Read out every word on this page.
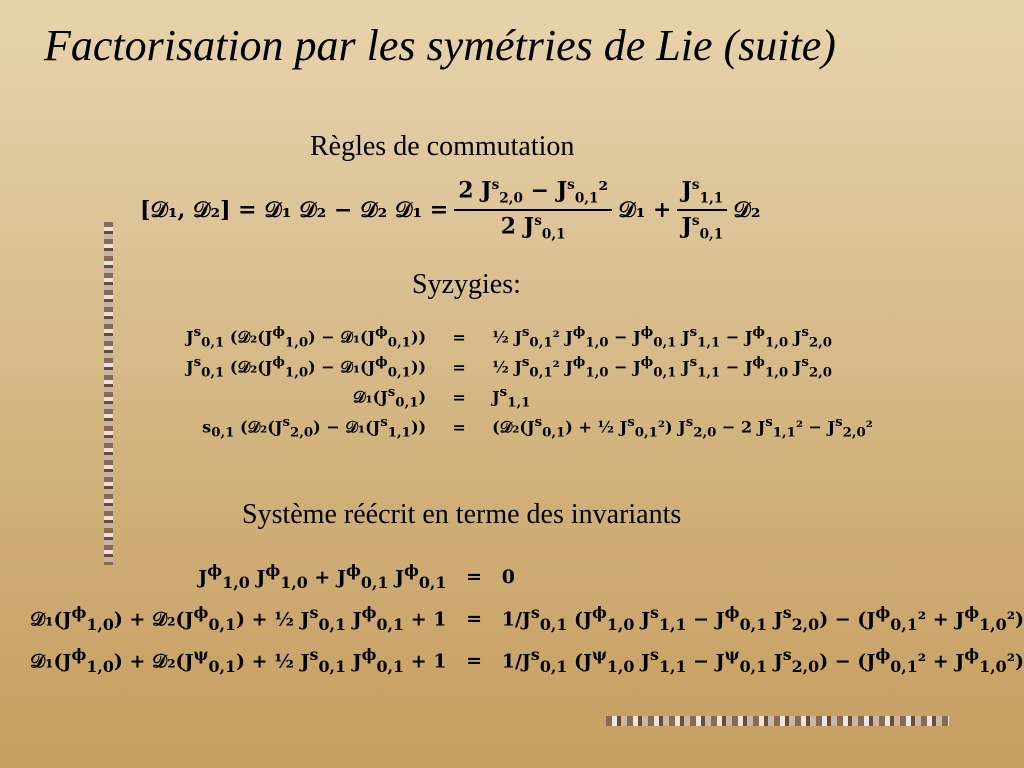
Factorisation par les symétries de Lie (suite)
Règles de commutation
[𝒟₁, 𝒟₂] = 𝒟₁ 𝒟₂ − 𝒟₂ 𝒟₁ = $\frac{2 J^s_{2,0} - J^s_{0,1}^2}{2 J^s_{0,1}}$ 𝒟₁ + $\frac{J^s_{1,1}}{J^s_{0,1}}$ 𝒟₂
Syzygies:
$J^s_{0,1}$ ($𝒟_2(J^\phi_{1,0})$ − $𝒟_1(J^\phi_{0,1})$)	=	½ $J^s_{0,1}^2$ $J^\phi_{1,0} - J^\phi_{0,1}$ $J^s_{1,1} - J^\phi_{1,0}$ $J^s_{2,0}$
$J^s_{0,1}$ ($𝒟_2(J^\phi_{1,0})$ − $𝒟_1(J^\phi_{0,1})$)	=	½ $J^s_{0,1}^2$ $J^\phi_{1,0} - J^\phi_{0,1}$ $J^s_{1,1} - J^\phi_{1,0}$ $J^s_{2,0}$
$𝒟_1(J^s_{0,1})$	=	$J^s_{1,1}$
$s_{0,1}$ ($𝒟_2(J^s_{2,0})$ − $𝒟_1(J^s_{1,1})$)	=	($𝒟_2(J^s_{0,1})$ + ½ $J^s_{0,1}^2$) $J^s_{2,0} - 2$ $J^s_{1,1}^2 - J^s_{2,0}^2$
Système réécrit en terme des invariants
$J^\phi_{1,0}$ $J^\phi_{1,0} + J^\phi_{0,1}$ $J^\phi_{0,1}$	=	0
$𝒟_1(J^\phi_{1,0})$ + $𝒟_2(J^\phi_{0,1})$ + ½ $J^s_{0,1}$ $J^\phi_{0,1} + 1$	=	$1/J^s_{0,1}$ ($J^\phi_{1,0}$ $J^s_{1,1} - J^\phi_{0,1}$ $J^s_{2,0}) - (J^\phi_{0,1}^2 + J^\phi_{1,0}^2)$
$𝒟_1(J^\phi_{1,0})$ + $𝒟_2(J^\psi_{0,1})$ + ½ $J^s_{0,1}$ $J^\phi_{0,1} + 1$	=	$1/J^s_{0,1}$ ($J^\psi_{1,0}$ $J^s_{1,1} - J^\psi_{0,1}$ $J^s_{2,0}) - (J^\phi_{0,1}^2 + J^\phi_{1,0}^2)$
